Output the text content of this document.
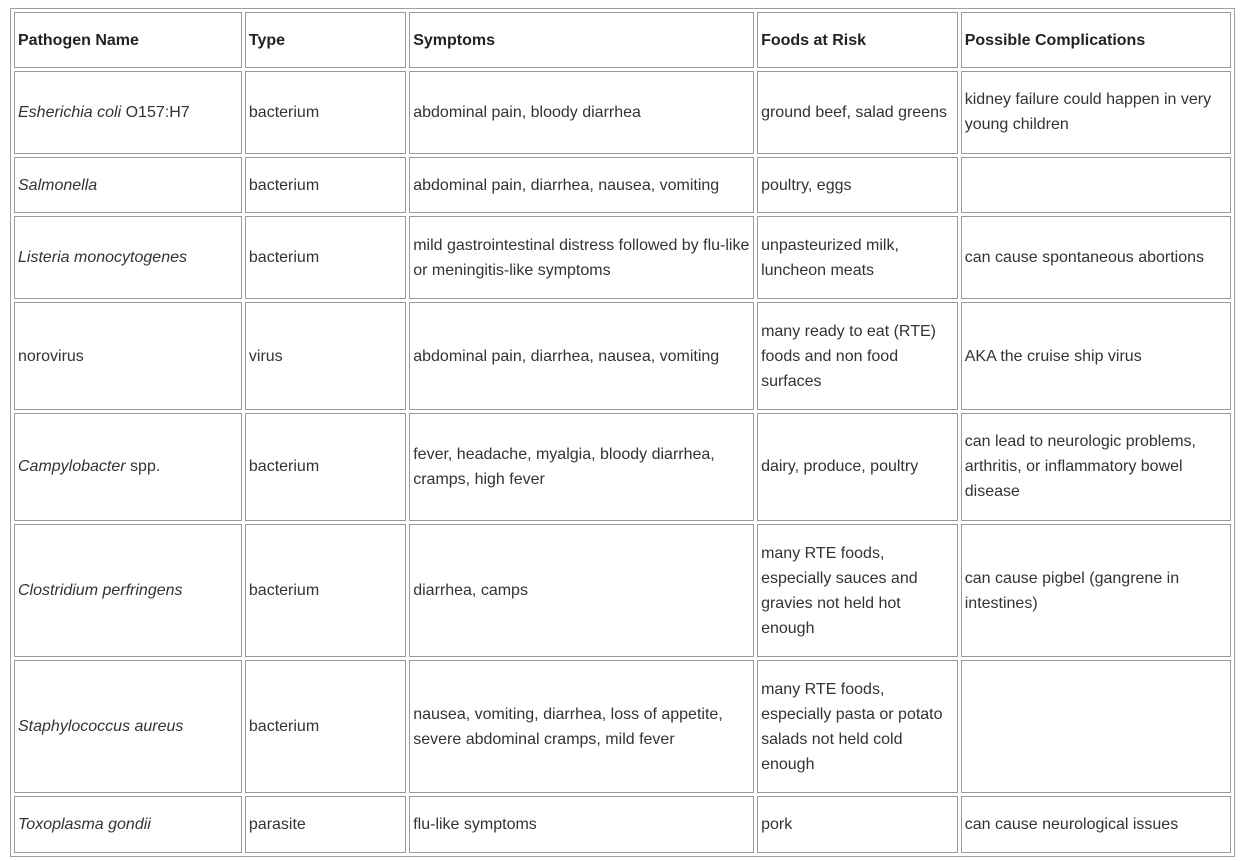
Pathogen Name	Type	Symptoms	Foods at Risk	Possible Complications
Esherichia coli O157:H7	bacterium	abdominal pain, bloody diarrhea	ground beef, salad greens	kidney failure could happen in very young children
Salmonella	bacterium	abdominal pain, diarrhea, nausea, vomiting	poultry, eggs	
Listeria monocytogenes	bacterium	mild gastrointestinal distress followed by flu-like or meningitis-like symptoms	unpasteurized milk, luncheon meats	can cause spontaneous abortions
norovirus	virus	abdominal pain, diarrhea, nausea, vomiting	many ready to eat (RTE) foods and non food surfaces	AKA the cruise ship virus
Campylobacter spp.	bacterium	fever, headache, myalgia, bloody diarrhea, cramps, high fever	dairy, produce, poultry	can lead to neurologic problems, arthritis, or inflammatory bowel disease
Clostridium perfringens	bacterium	diarrhea, camps	many RTE foods, especially sauces and gravies not held hot enough	can cause pigbel (gangrene in intestines)
Staphylococcus aureus	bacterium	nausea, vomiting, diarrhea, loss of appetite, severe abdominal cramps, mild fever	many RTE foods, especially pasta or potato salads not held cold enough	
Toxoplasma gondii	parasite	flu-like symptoms	pork	can cause neurological issues
